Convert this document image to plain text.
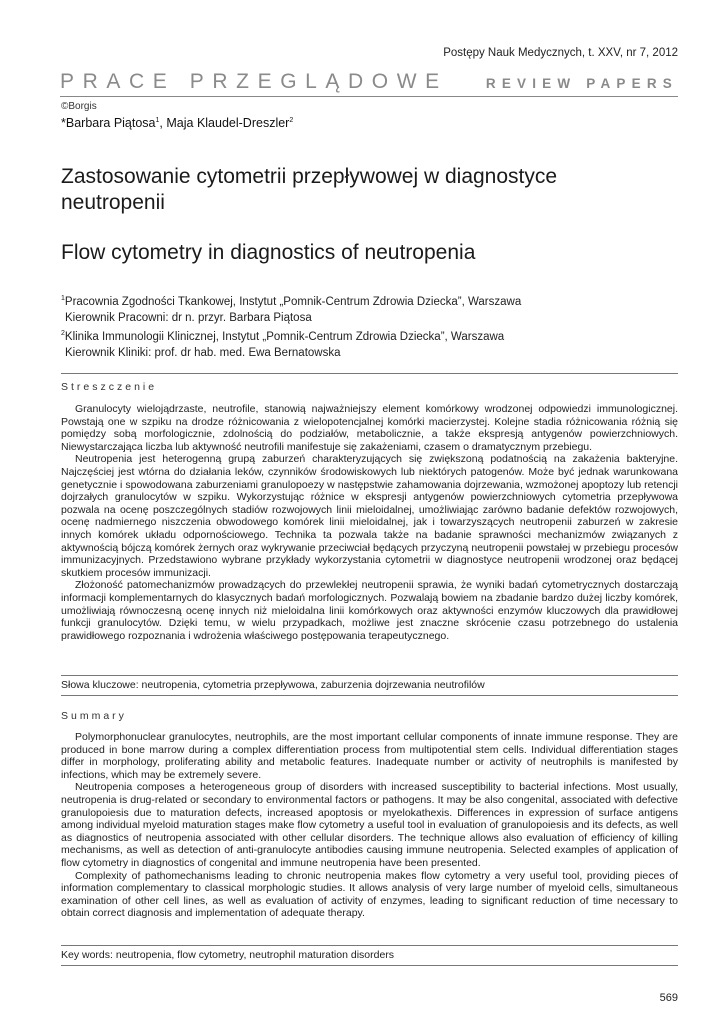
Postępy Nauk Medycznych, t. XXV, nr 7, 2012
PRACE PRZEGLĄDOWE	REVIEW PAPERS
©Borgis
*Barbara Piątosa$^1$, Maja Klaudel-Dreszler$^2$
Zastosowanie cytometrii przepływowej w diagnostyce neutropenii
Flow cytometry in diagnostics of neutropenia
$^1$Pracownia Zgodności Tkankowej, Instytut „Pomnik-Centrum Zdrowia Dziecka”, Warszawa
Kierownik Pracowni: dr n. przyr. Barbara Piątosa
$^2$Klinika Immunologii Klinicznej, Instytut „Pomnik-Centrum Zdrowia Dziecka”, Warszawa
Kierownik Kliniki: prof. dr hab. med. Ewa Bernatowska
Streszczenie

Granulocyty wielojądrzaste, neutrofile, stanowią najważniejszy element komórkowy wrodzonej odpowiedzi immunologicznej. Powstają one w szpiku na drodze różnicowania z wielopotencjalnej komórki macierzystej. Kolejne stadia różnicowania różnią się pomiędzy sobą morfologicznie, zdolnością do podziałów, metabolicznie, a także ekspresją antygenów powierzchniowych. Niewystarczająca liczba lub aktywność neutrofili manifestuje się zakażeniami, czasem o dramatycznym przebiegu.

Neutropenia jest heterogenną grupą zaburzeń charakteryzujących się zwiększoną podatnością na zakażenia bakteryjne. Najczęściej jest wtórna do działania leków, czynników środowiskowych lub niektórych patogenów. Może być jednak warunkowana genetycznie i spowodowana zaburzeniami granulopoezy w następstwie zahamowania dojrzewania, wzmożonej apoptozy lub retencji dojrzałych granulocytów w szpiku. Wykorzystując różnice w ekspresji antygenów powierzchniowych cytometria przepływowa pozwala na ocenę poszczególnych stadiów rozwojowych linii mieloidalnej, umożliwiając zarówno badanie defektów rozwojowych, ocenę nadmiernego niszczenia obwodowego komórek linii mieloidalnej, jak i towarzyszących neutropenii zaburzeń w zakresie innych komórek układu odpornościowego. Technika ta pozwala także na badanie sprawności mechanizmów związanych z aktywnością bójczą komórek żernych oraz wykrywanie przeciwciał będących przyczyną neutropenii powstałej w przebiegu procesów immunizacyjnych. Przedstawiono wybrane przykłady wykorzystania cytometrii w diagnostyce neutropenii wrodzonej oraz będącej skutkiem procesów immunizacji.

Złożoność patomechanizmów prowadzących do przewlekłej neutropenii sprawia, że wyniki badań cytometrycznych dostarczają informacji komplementarnych do klasycznych badań morfologicznych. Pozwalają bowiem na zbadanie bardzo dużej liczby komórek, umożliwiają równoczesną ocenę innych niż mieloidalna linii komórkowych oraz aktywności enzymów kluczowych dla prawidłowej funkcji granulocytów. Dzięki temu, w wielu przypadkach, możliwe jest znaczne skrócenie czasu potrzebnego do ustalenia prawidłowego rozpoznania i wdrożenia właściwego postępowania terapeutycznego.

Słowa kluczowe: neutropenia, cytometria przepływowa, zaburzenia dojrzewania neutrofilów
Summary

Polymorphonuclear granulocytes, neutrophils, are the most important cellular components of innate immune response. They are produced in bone marrow during a complex differentiation process from multipotential stem cells. Individual differentiation stages differ in morphology, proliferating ability and metabolic features. Inadequate number or activity of neutrophils is manifested by infections, which may be extremely severe.

Neutropenia composes a heterogeneous group of disorders with increased susceptibility to bacterial infections. Most usually, neutropenia is drug-related or secondary to environmental factors or pathogens. It may be also congenital, associated with defective granulopoiesis due to maturation defects, increased apoptosis or myelokathexis. Differences in expression of surface antigens among individual myeloid maturation stages make flow cytometry a useful tool in evaluation of granulopoiesis and its defects, as well as diagnostics of neutropenia associated with other cellular disorders. The technique allows also evaluation of efficiency of killing mechanisms, as well as detection of anti-granulocyte antibodies causing immune neutropenia. Selected examples of application of flow cytometry in diagnostics of congenital and immune neutropenia have been presented.

Complexity of pathomechanisms leading to chronic neutropenia makes flow cytometry a very useful tool, providing pieces of information complementary to classical morphologic studies. It allows analysis of very large number of myeloid cells, simultaneous examination of other cell lines, as well as evaluation of activity of enzymes, leading to significant reduction of time necessary to obtain correct diagnosis and implementation of adequate therapy.

Key words: neutropenia, flow cytometry, neutrophil maturation disorders
569
